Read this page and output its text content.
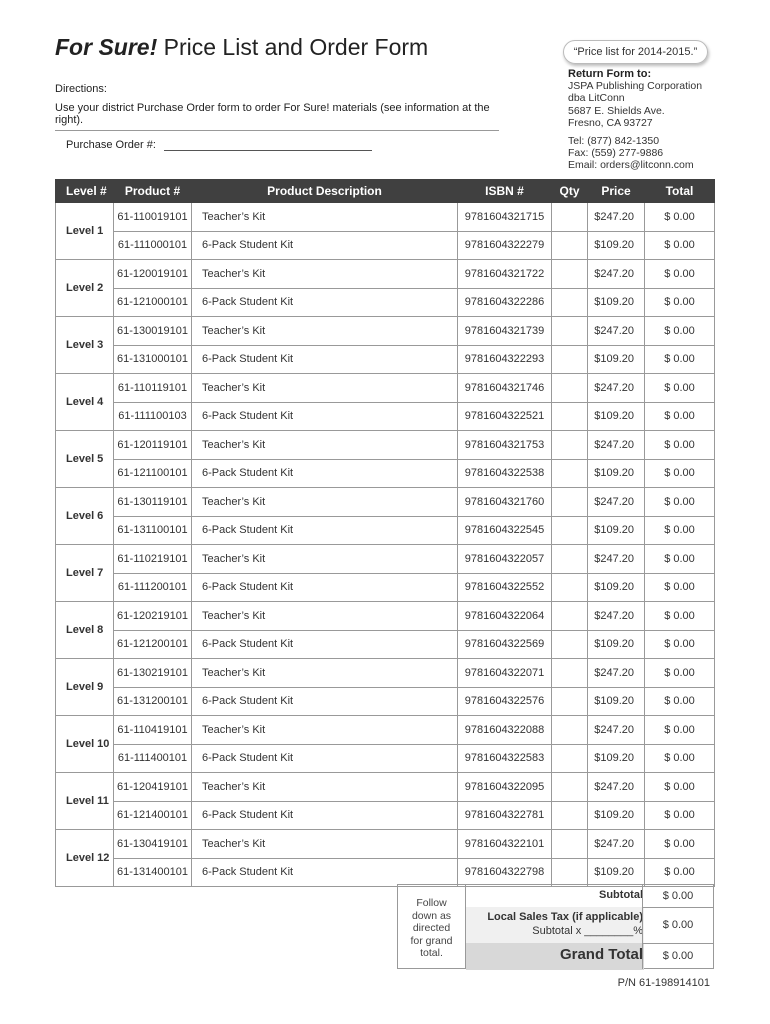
For Sure! Price List and Order Form	“Price list for 2014-2015.”
Directions:
Use your district Purchase Order form to order For Sure! materials (see information at the right).
Purchase Order #:
Return Form to:
JSPA Publishing Corporation
dba LitConn
5687 E. Shields Ave.
Fresno, CA 93727
Tel: (877) 842-1350
Fax: (559) 277-9886
Email: orders@litconn.com
Level #	Product #	Product Description	ISBN #	Qty	Price	Total
Level 1	61-110019101	Teacher’s Kit	9781604321715		$247.20	$ 0.00
	61-111000101	6-Pack Student Kit	9781604322279		$109.20	$ 0.00
Level 2	61-120019101	Teacher’s Kit	9781604321722		$247.20	$ 0.00
	61-121000101	6-Pack Student Kit	9781604322286		$109.20	$ 0.00
Level 3	61-130019101	Teacher’s Kit	9781604321739		$247.20	$ 0.00
	61-131000101	6-Pack Student Kit	9781604322293		$109.20	$ 0.00
Level 4	61-110119101	Teacher’s Kit	9781604321746		$247.20	$ 0.00
	61-111100103	6-Pack Student Kit	9781604322521		$109.20	$ 0.00
Level 5	61-120119101	Teacher’s Kit	9781604321753		$247.20	$ 0.00
	61-121100101	6-Pack Student Kit	9781604322538		$109.20	$ 0.00
Level 6	61-130119101	Teacher’s Kit	9781604321760		$247.20	$ 0.00
	61-131100101	6-Pack Student Kit	9781604322545		$109.20	$ 0.00
Level 7	61-110219101	Teacher’s Kit	9781604322057		$247.20	$ 0.00
	61-111200101	6-Pack Student Kit	9781604322552		$109.20	$ 0.00
Level 8	61-120219101	Teacher’s Kit	9781604322064		$247.20	$ 0.00
	61-121200101	6-Pack Student Kit	9781604322569		$109.20	$ 0.00
Level 9	61-130219101	Teacher’s Kit	9781604322071		$247.20	$ 0.00
	61-131200101	6-Pack Student Kit	9781604322576		$109.20	$ 0.00
Level 10	61-110419101	Teacher’s Kit	9781604322088		$247.20	$ 0.00
	61-111400101	6-Pack Student Kit	9781604322583		$109.20	$ 0.00
Level 11	61-120419101	Teacher’s Kit	9781604322095		$247.20	$ 0.00
	61-121400101	6-Pack Student Kit	9781604322781		$109.20	$ 0.00
Level 12	61-130419101	Teacher’s Kit	9781604322101		$247.20	$ 0.00
	61-131400101	6-Pack Student Kit	9781604322798		$109.20	$ 0.00
Follow
down as
directed
for grand
total.
Subtotal	$ 0.00
Local Sales Tax (if applicable)
Subtotal x ________%	$ 0.00
Grand Total	$ 0.00
P/N 61-198914101
